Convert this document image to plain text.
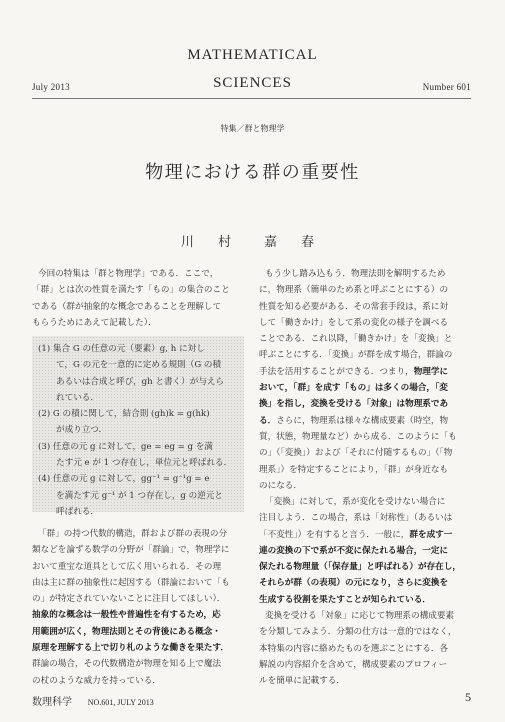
July 2013
MATHEMATICAL
SCIENCES	Number 601
特集／群と物理学
物理における群の重要性
川 村　嘉 春

今回の特集は「群と物理学」である．ここで，

「群」とは次の性質を満たす「もの」の集合のこと

である（群が抽象的な概念であることを理解して

もらうためにあえて記載した）．

(1) 集合 G の任意の元（要素）g, h に対し
て，G の元を一意的に定める規則（G の積
あるいは合成と呼び，gh と書く）が与えら
れている．
(2) G の積に関して，結合則 (gh)k = g(hk)
が成り立つ．
(3) 任意の元 g に対して，ge = eg = g を満
たす元 e が 1 つ存在し，単位元と呼ばれる．
(4) 任意の元 g に対して，gg⁻¹ = g⁻¹g = e
を満たす元 g⁻¹ が 1 つ存在し，g の逆元と
呼ばれる．

「群」の持つ代数的構造，群および群の表現の分

類などを論ずる数学の分野が「群論」で，物理学に

おいて重宝な道具として広く用いられる．その理

由は主に群の抽象性に起因する（群論において「も

の」が特定されていないことに注目してほしい）．

抽象的な概念は一般性や普遍性を有するため，応

用範囲が広く，物理法則とその背後にある概念・

原理を理解する上で切り札のような働きを果たす．

群論の場合，その代数構造が物理を知る上で魔法

の杖のような威力を持っている．

もう少し踏み込もう．物理法則を解明するため

に，物理系（簡単のため系と呼ぶことにする）の

性質を知る必要がある．その常套手段は，系に対

して「働きかけ」をして系の変化の様子を調べる

ことである．これ以降，「働きかけ」を「変換」と

呼ぶことにする．「変換」が群を成す場合，群論の

手法を活用することができる．つまり，物理学に

おいて，「群」を成す「もの」は多くの場合，「変

換」を指し，変換を受ける「対象」は物理系であ

る．さらに，物理系は様々な構成要素（時空，物

質，状態，物理量など）から成る．このように「も

の」（「変換」）および「それに付随するもの」（「物

理系」）を特定することにより，「群」が身近なも

のになる．

「変換」に対して，系が変化を受けない場合に

注目しよう．この場合，系は「対称性」（あるいは

「不変性」）を有すると言う．一般に，群を成す一

連の変換の下で系が不変に保たれる場合，一定に

保たれる物理量（「保存量」と呼ばれる）が存在し，

それらが群（の表現）の元になり，さらに変換を

生成する役割を果たすことが知られている．

変換を受ける「対象」に応じて物理系の構成要素

を分類してみよう．分類の仕方は一意的ではなく，

本特集の内容に絡めたものを選ぶことにする．各

解説の内容紹介を含めて，構成要素のプロフィー

ルを簡単に記載する．

数理科学 NO.601, JULY 2013	5
